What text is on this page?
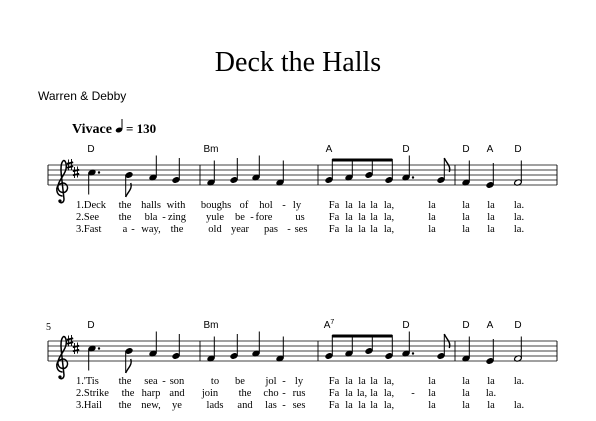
Deck the Halls
Warren & Debby
Vivace = 130
D	Bm	A	D	D A D
1.Deck the halls with boughs of hol - ly	Fa la la la la,	la	la la la.
2.See the bla - zing yule be - fore us Fa la la la la,	la	la la la.
3.Fast a - way, the old year pas - ses Fa la la la la,	la	la la la.
5	D	Bm	$A^7$	D	D A D
1.'Tis the sea - son	to be jol - ly Fa la la la la,	la	la la la.
2.Strike the harp and join the cho - rus Fa la la, la la, - la	la la.
3.Hail the new, ye lads and las - ses Fa la la la la,	la	la la la.
